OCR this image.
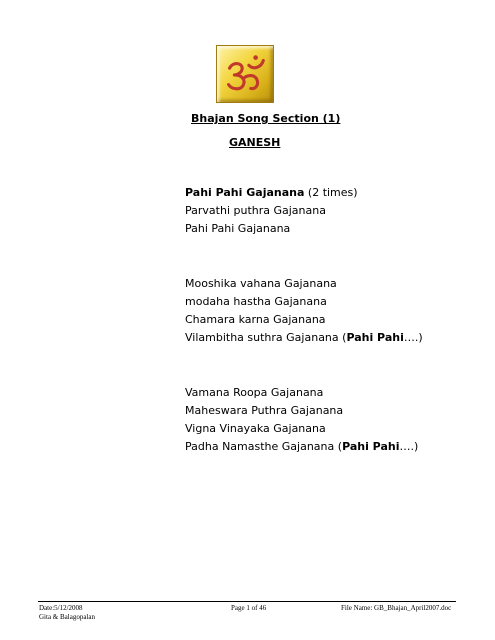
Bhajan Song Section (1)
GANESH
Pahi Pahi Gajanana (2 times)
Parvathi puthra Gajanana
Pahi Pahi Gajanana
Mooshika vahana Gajanana
modaha hastha Gajanana
Chamara karna Gajanana
Vilambitha suthra Gajanana (Pahi Pahi….)
Vamana Roopa Gajanana
Maheswara Puthra Gajanana
Vigna Vinayaka Gajanana
Padha Namasthe Gajanana (Pahi Pahi….)
Date:5/12/2008
Gita & Balagopalan
Page 1 of 46	File Name: GB_Bhajan_April2007.doc
